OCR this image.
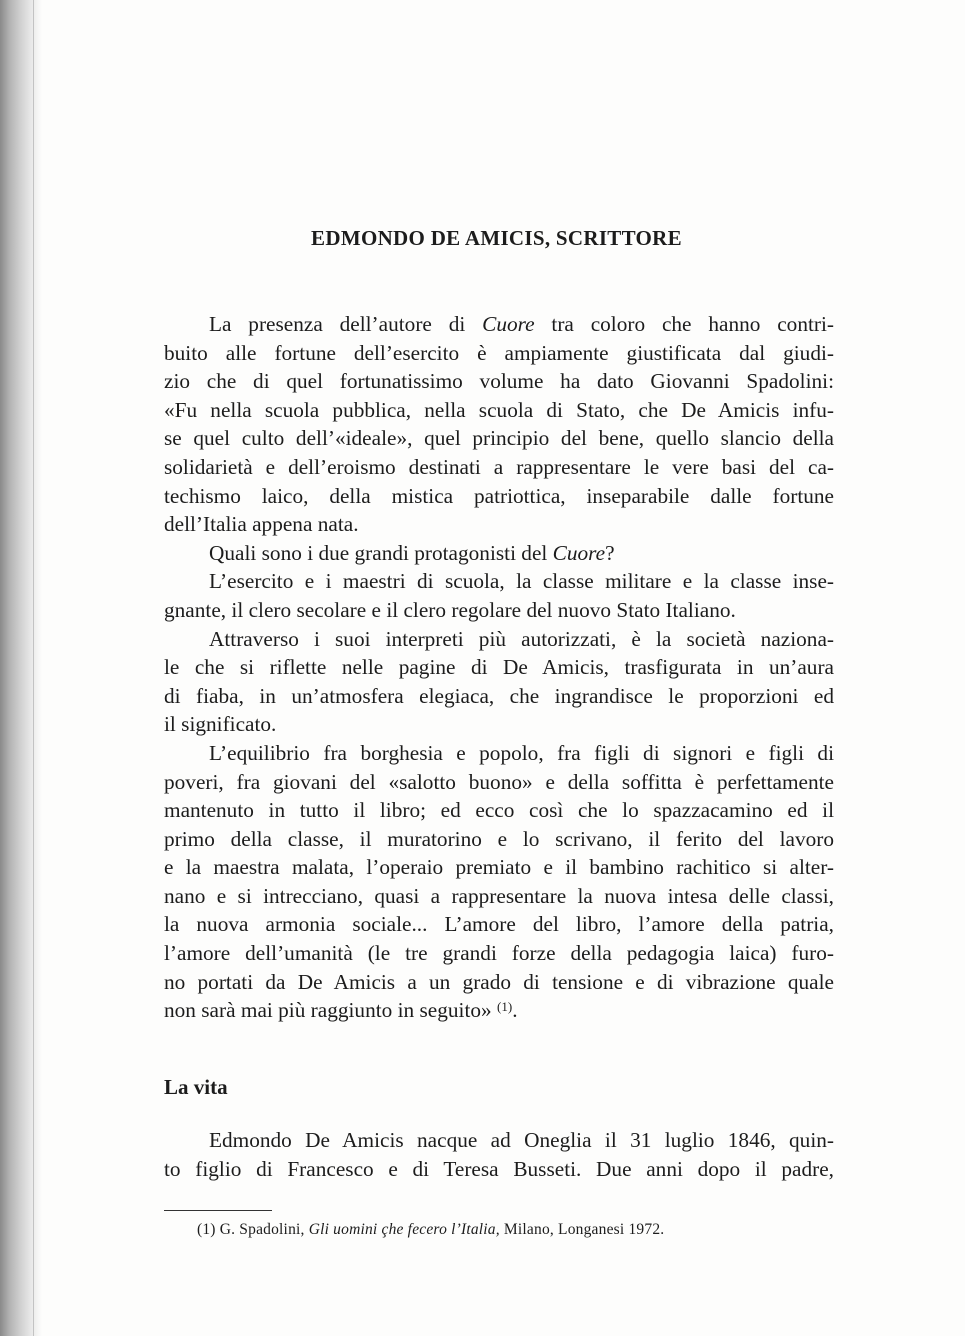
EDMONDO DE AMICIS, SCRITTORE
La presenza dell’autore di Cuore tra coloro che hanno contri-
buito alle fortune dell’esercito è ampiamente giustificata dal giudi-
zio che di quel fortunatissimo volume ha dato Giovanni Spadolini:
«Fu nella scuola pubblica, nella scuola di Stato, che De Amicis infu-
se quel culto dell’«ideale», quel principio del bene, quello slancio della
solidarietà e dell’eroismo destinati a rappresentare le vere basi del ca-
techismo laico, della mistica patriottica, inseparabile dalle fortune
dell’Italia appena nata.
Quali sono i due grandi protagonisti del Cuore?
L’esercito e i maestri di scuola, la classe militare e la classe inse-
gnante, il clero secolare e il clero regolare del nuovo Stato Italiano.
Attraverso i suoi interpreti più autorizzati, è la società naziona-
le che si riflette nelle pagine di De Amicis, trasfigurata in un’aura
di fiaba, in un’atmosfera elegiaca, che ingrandisce le proporzioni ed
il significato.
L’equilibrio fra borghesia e popolo, fra figli di signori e figli di
poveri, fra giovani del «salotto buono» e della soffitta è perfettamente
mantenuto in tutto il libro; ed ecco così che lo spazzacamino ed il
primo della classe, il muratorino e lo scrivano, il ferito del lavoro
e la maestra malata, l’operaio premiato e il bambino rachitico si alter-
nano e si intrecciano, quasi a rappresentare la nuova intesa delle classi,
la nuova armonia sociale... L’amore del libro, l’amore della patria,
l’amore dell’umanità (le tre grandi forze della pedagogia laica) furo-
no portati da De Amicis a un grado di tensione e di vibrazione quale
non sarà mai più raggiunto in seguito» $^{(1)}$.
La vita
Edmondo De Amicis nacque ad Oneglia il 31 luglio 1846, quin-
to figlio di Francesco e di Teresa Busseti. Due anni dopo il padre,
(1) G. Spadolini, Gli uomini çhe fecero l’Italia, Milano, Longanesi 1972.
